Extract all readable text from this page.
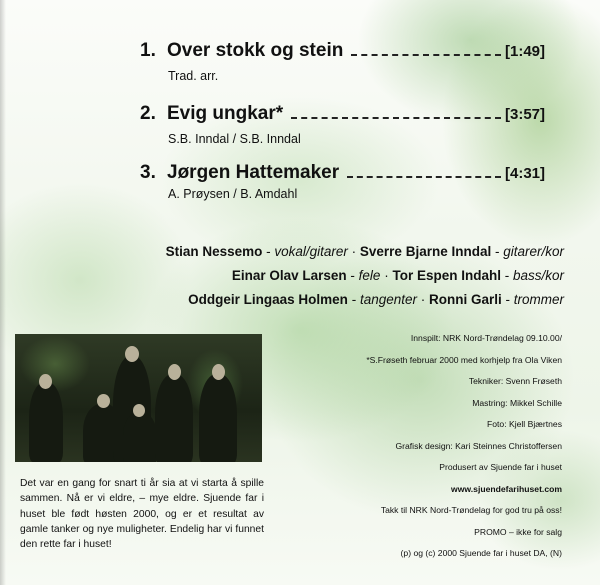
1. Over stokk og stein	[1:49]
Trad. arr.
2. Evig ungkar*	[3:57]
S.B. Inndal / S.B. Inndal
3. Jørgen Hattemaker	[4:31]
A. Prøysen / B. Amdahl
Stian Nessemo - vokal/gitarer · Sverre Bjarne Inndal - gitarer/kor
Einar Olav Larsen - fele · Tor Espen Indahl - bass/kor
Oddgeir Lingaas Holmen - tangenter · Ronni Garli - trommer
Innspilt: NRK Nord-Trøndelag 09.10.00/
*S.Frøseth februar 2000 med korhjelp fra Ola Viken
Tekniker: Svenn Frøseth
Mastring: Mikkel Schille
Foto: Kjell Bjærtnes
Grafisk design: Kari Steinnes Christoffersen
Produsert av Sjuende far i huset
www.sjuendefarihuset.com
Takk til NRK Nord-Trøndelag for god tru på oss!
PROMO – ikke for salg
(p) og (c) 2000 Sjuende far i huset DA, (N)
Det var en gang for snart ti år sia at vi starta å spille sammen. Nå er vi eldre, – mye eldre. Sjuende far i huset ble født høsten 2000, og er et resultat av gamle tanker og nye muligheter. Endelig har vi funnet den rette far i huset!
